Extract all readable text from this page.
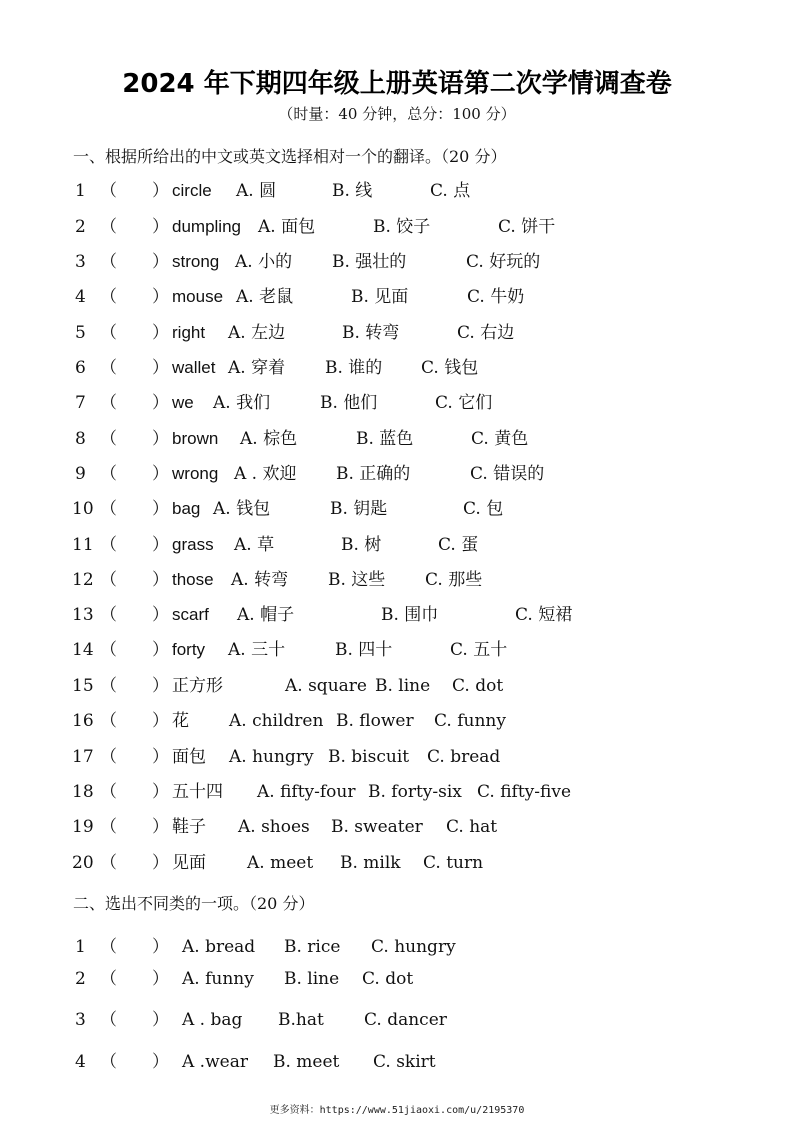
2024 年下期四年级上册英语第二次学情调查卷
（时量：40 分钟，总分：100 分）
一、根据所给出的中文或英文选择相对一个的翻译。（20 分）
1 （ ） circle A. 圆	B. 线	C. 点
2 （ ） dumpling A. 面包	B. 饺子	C. 饼干
3 （ ） strong A. 小的 B. 强壮的	C. 好玩的
4 （ ） mouse A. 老鼠	B. 见面	C. 牛奶
5 （ ） right A. 左边	B. 转弯	C. 右边
6 （ ） wallet A. 穿着 B. 谁的 C. 钱包
7 （ ） we A. 我们	B. 他们	C. 它们
8 （ ） brown A. 棕色	B. 蓝色	C. 黄色
9 （ ） wrong A . 欢迎 B. 正确的	C. 错误的
10 （ ） bag A. 钱包	B. 钥匙	C. 包
11 （ ） grass A. 草	B. 树	C. 蛋
12 （ ） those A. 转弯 B. 这些 C. 那些
13 （ ） scarf A. 帽子	B. 围巾	C. 短裙
14 （ ） forty A. 三十	B. 四十	C. 五十
15 （ ） 正方形	A. square B. line C. dot
16 （ ） 花 A. children B. flower C. funny
17 （ ） 面包 A. hungry B. biscuit C. bread
18 （ ） 五十四 A. fifty-four B. forty-six C. fifty-five
19 （ ） 鞋子 A. shoes B. sweater C. hat
20 （ ） 见面 A. meet B. milk C. turn
二、选出不同类的一项。（20 分）
1 （ ） A. bread B. rice C. hungry
2 （ ） A. funny B. line C. dot
3 （ ） A . bag B.hat C. dancer
4 （ ） A .wear B. meet C. skirt
更多资料：https://www.51jiaoxi.com/u/2195370
